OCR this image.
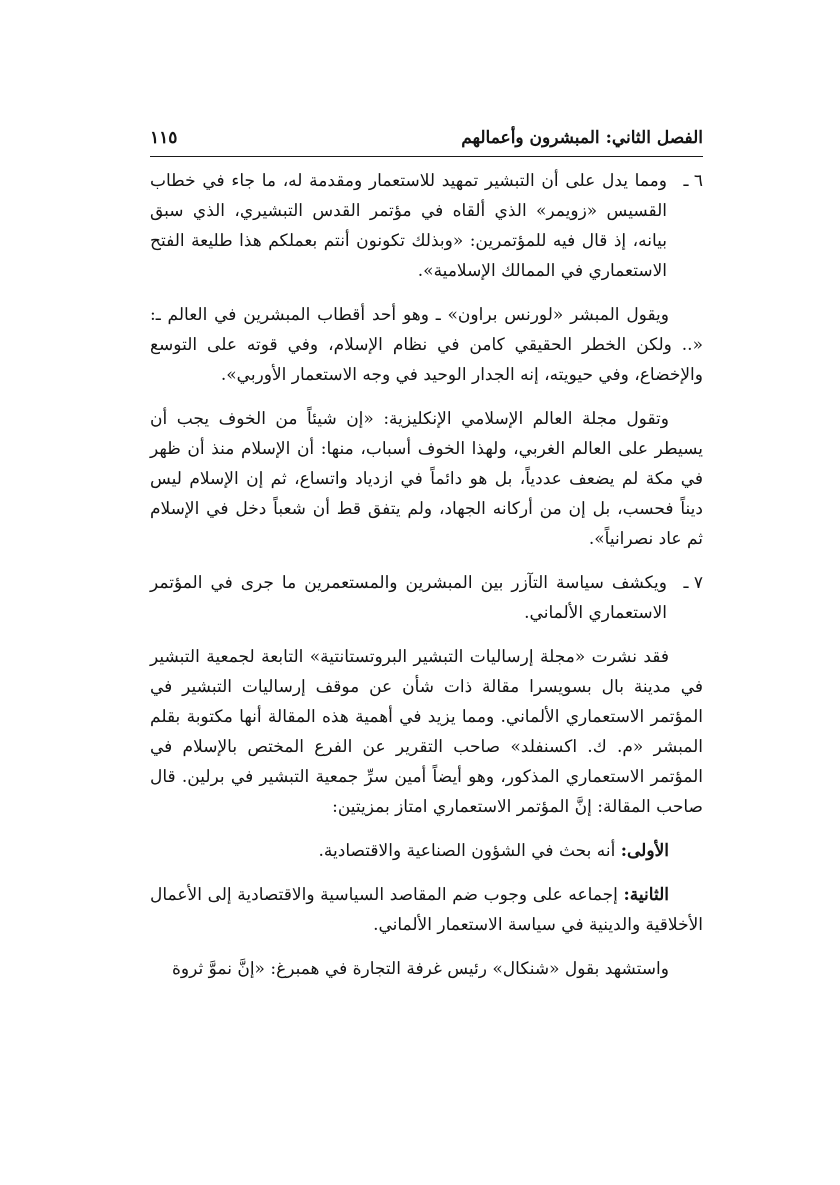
الفصل الثاني: المبشرون وأعمالهم
١١٥

٦ ـ
ومما يدل على أن التبشير تمهيد للاستعمار ومقدمة له، ما جاء في خطاب القسيس «زويمر» الذي ألقاه في مؤتمر القدس التبشيري، الذي سبق بيانه، إذ قال فيه للمؤتمرين: «وبذلك تكونون أنتم بعملكم هذا طليعة الفتح الاستعماري في الممالك الإسلامية».

ويقول المبشر «لورنس براون» ـ وهو أحد أقطاب المبشرين في العالم ـ: «.. ولكن الخطر الحقيقي كامن في نظام الإسلام، وفي قوته على التوسع والإخضاع، وفي حيويته، إنه الجدار الوحيد في وجه الاستعمار الأوربي».

وتقول مجلة العالم الإسلامي الإنكليزية: «إن شيئاً من الخوف يجب أن يسيطر على العالم الغربي، ولهذا الخوف أسباب، منها: أن الإسلام منذ أن ظهر في مكة لم يضعف عددياً، بل هو دائماً في ازدياد واتساع، ثم إن الإسلام ليس ديناً فحسب، بل إن من أركانه الجهاد، ولم يتفق قط أن شعباً دخل في الإسلام ثم عاد نصرانياً».

٧ ـ
ويكشف سياسة التآزر بين المبشرين والمستعمرين ما جرى في المؤتمر الاستعماري الألماني.

فقد نشرت «مجلة إرساليات التبشير البروتستانتية» التابعة لجمعية التبشير في مدينة بال بسويسرا مقالة ذات شأن عن موقف إرساليات التبشير في المؤتمر الاستعماري الألماني. ومما يزيد في أهمية هذه المقالة أنها مكتوبة بقلم المبشر «م. ك. اكسنفلد» صاحب التقرير عن الفرع المختص بالإسلام في المؤتمر الاستعماري المذكور، وهو أيضاً أمين سرِّ جمعية التبشير في برلين. قال صاحب المقالة: إنَّ المؤتمر الاستعماري امتاز بمزيتين:

الأولى: أنه بحث في الشؤون الصناعية والاقتصادية.

الثانية: إجماعه على وجوب ضم المقاصد السياسية والاقتصادية إلى الأعمال الأخلاقية والدينية في سياسة الاستعمار الألماني.

واستشهد بقول «شنكال» رئيس غرفة التجارة في همبرغ: «إنَّ نموَّ ثروة
